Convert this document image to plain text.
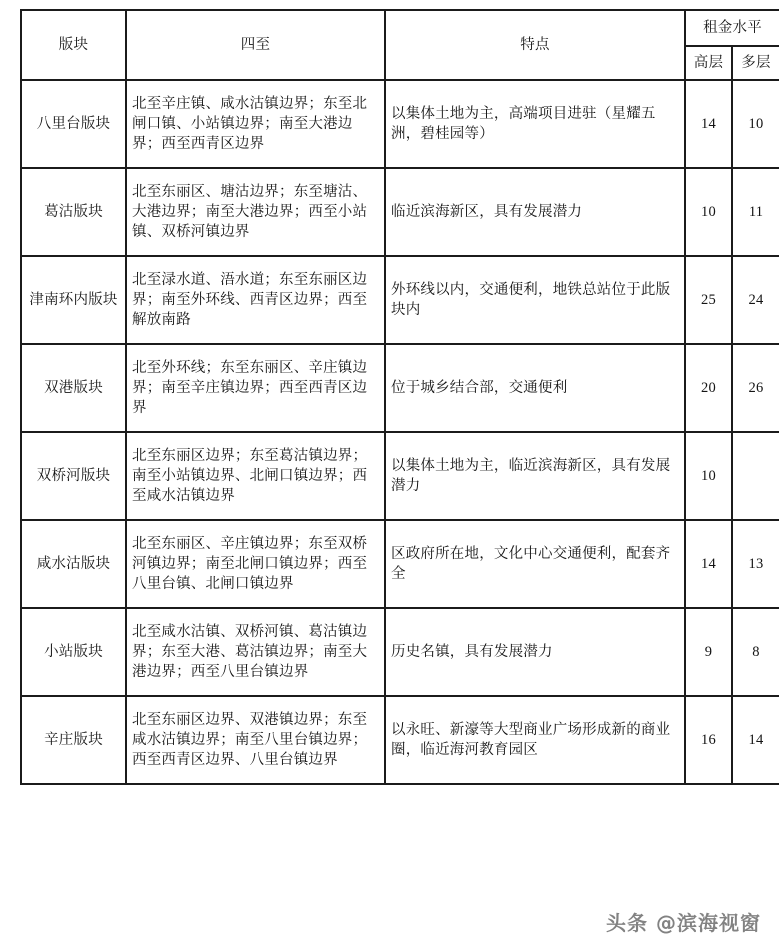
版块	四至	特点	租金水平	
			高层	多层
八里台版块	北至辛庄镇、咸水沽镇边界；东至北闸口镇、小站镇边界；南至大港边界；西至西青区边界	以集体土地为主，高端项目进驻（星耀五洲，碧桂园等）	14	10
葛沽版块	北至东丽区、塘沽边界；东至塘沽、大港边界；南至大港边界；西至小站镇、双桥河镇边界	临近滨海新区，具有发展潜力	10	11
津南环内版块	北至渌水道、浯水道；东至东丽区边界；南至外环线、西青区边界；西至解放南路	外环线以内，交通便利，地铁总站位于此版块内	25	24
双港版块	北至外环线；东至东丽区、辛庄镇边界；南至辛庄镇边界；西至西青区边界	位于城乡结合部，交通便利	20	26
双桥河版块	北至东丽区边界；东至葛沽镇边界；南至小站镇边界、北闸口镇边界；西至咸水沽镇边界	以集体土地为主，临近滨海新区，具有发展潜力	10	
咸水沽版块	北至东丽区、辛庄镇边界；东至双桥河镇边界；南至北闸口镇边界；西至八里台镇、北闸口镇边界	区政府所在地，文化中心交通便利，配套齐全	14	13
小站版块	北至咸水沽镇、双桥河镇、葛沽镇边界；东至大港、葛沽镇边界；南至大港边界；西至八里台镇边界	历史名镇，具有发展潜力	9	8
辛庄版块	北至东丽区边界、双港镇边界；东至咸水沽镇边界；南至八里台镇边界；西至西青区边界、八里台镇边界	以永旺、新濠等大型商业广场形成新的商业圈，临近海河教育园区	16	14
头条 @滨海视窗
